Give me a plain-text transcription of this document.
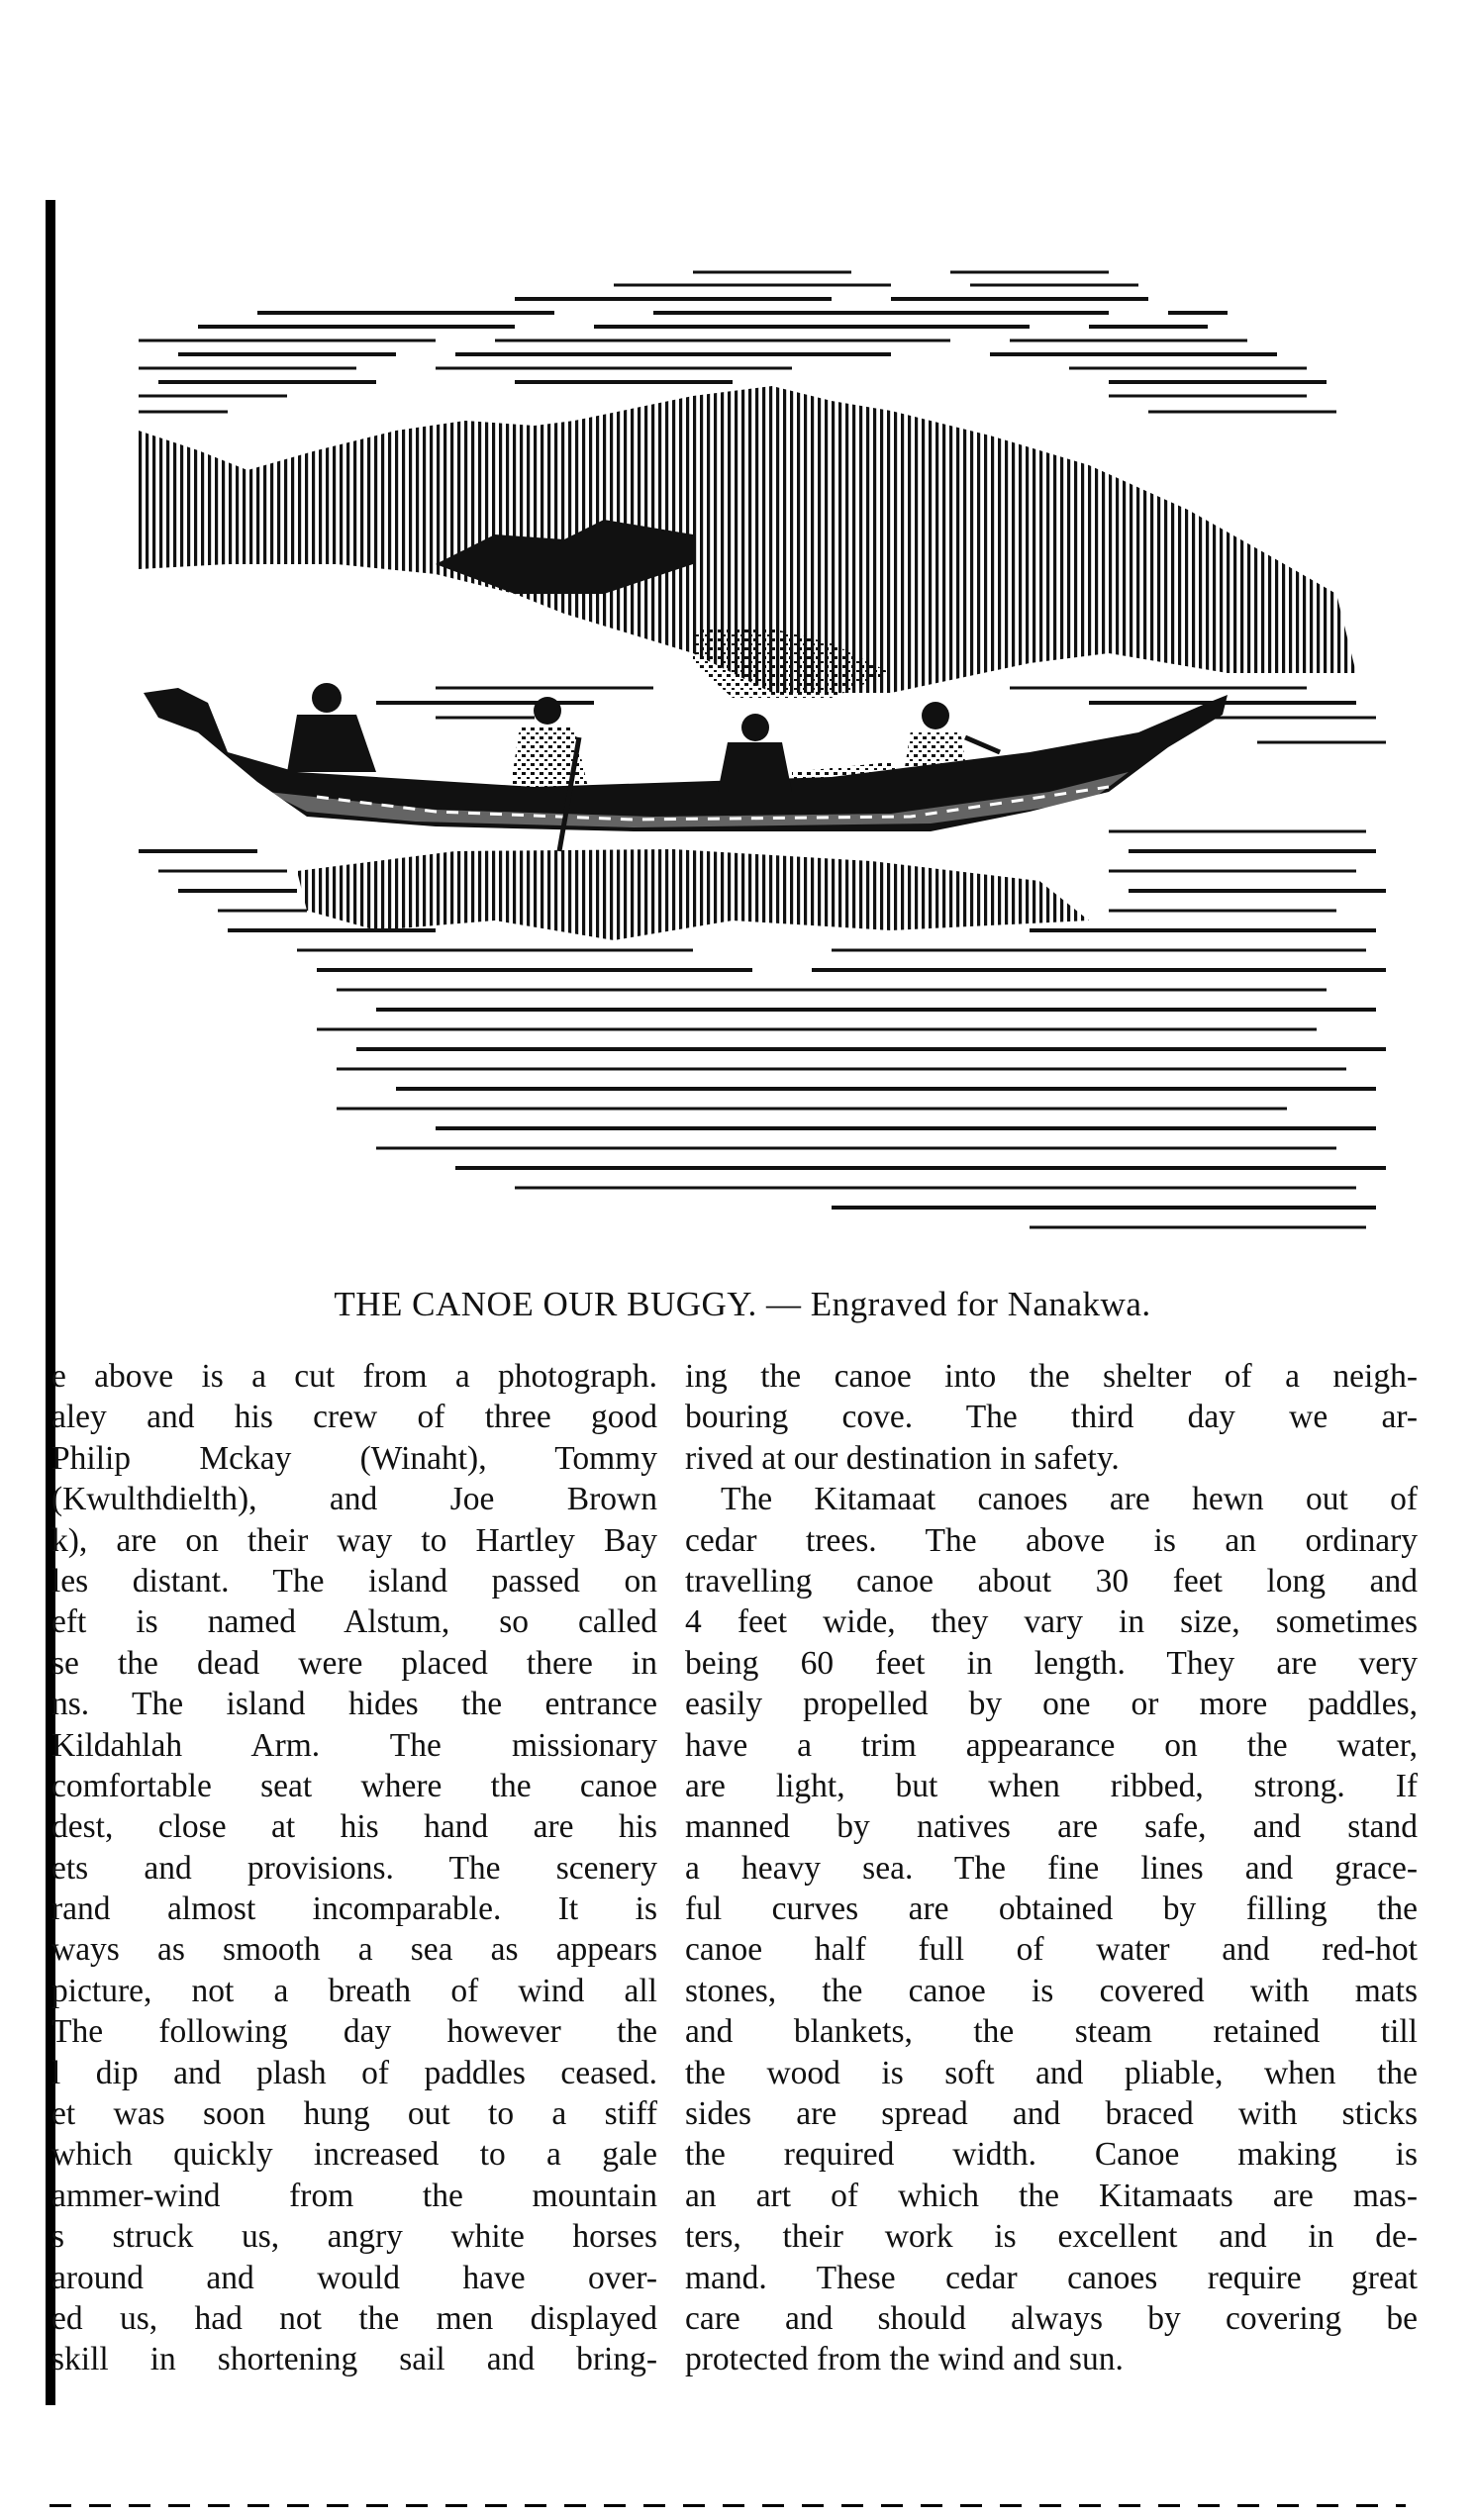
THE CANOE OUR BUGGY. — Engraved for Nanakwa.
e above is a cut from a photograph.
aley and his crew of three good
Philip Mckay (Winaht), Tommy
(Kwulthdielth), and Joe Brown
k), are on their way to Hartley Bay
les distant. The island passed on
eft is named Alstum, so called
se the dead were placed there in
ns. The island hides the entrance
Kildahlah Arm. The missionary
comfortable seat where the canoe
dest, close at his hand are his
ets and provisions. The scenery
rand almost incomparable. It is
ways as smooth a sea as appears
picture, not a breath of wind all
The following day however the
l dip and plash of paddles ceased.
et was soon hung out to a stiff
which quickly increased to a gale
ammer-wind from the mountain
s struck us, angry white horses
around and would have over-
ed us, had not the men displayed
skill in shortening sail and bring-
ing the canoe into the shelter of a neigh-
bouring cove. The third day we ar-
rived at our destination in safety.
The Kitamaat canoes are hewn out of
cedar trees. The above is an ordinary
travelling canoe about 30 feet long and
4 feet wide, they vary in size, sometimes
being 60 feet in length. They are very
easily propelled by one or more paddles,
have a trim appearance on the water,
are light, but when ribbed, strong. If
manned by natives are safe, and stand
a heavy sea. The fine lines and grace-
ful curves are obtained by filling the
canoe half full of water and red-hot
stones, the canoe is covered with mats
and blankets, the steam retained till
the wood is soft and pliable, when the
sides are spread and braced with sticks
the required width. Canoe making is
an art of which the Kitamaats are mas-
ters, their work is excellent and in de-
mand. These cedar canoes require great
care and should always by covering be
protected from the wind and sun.
